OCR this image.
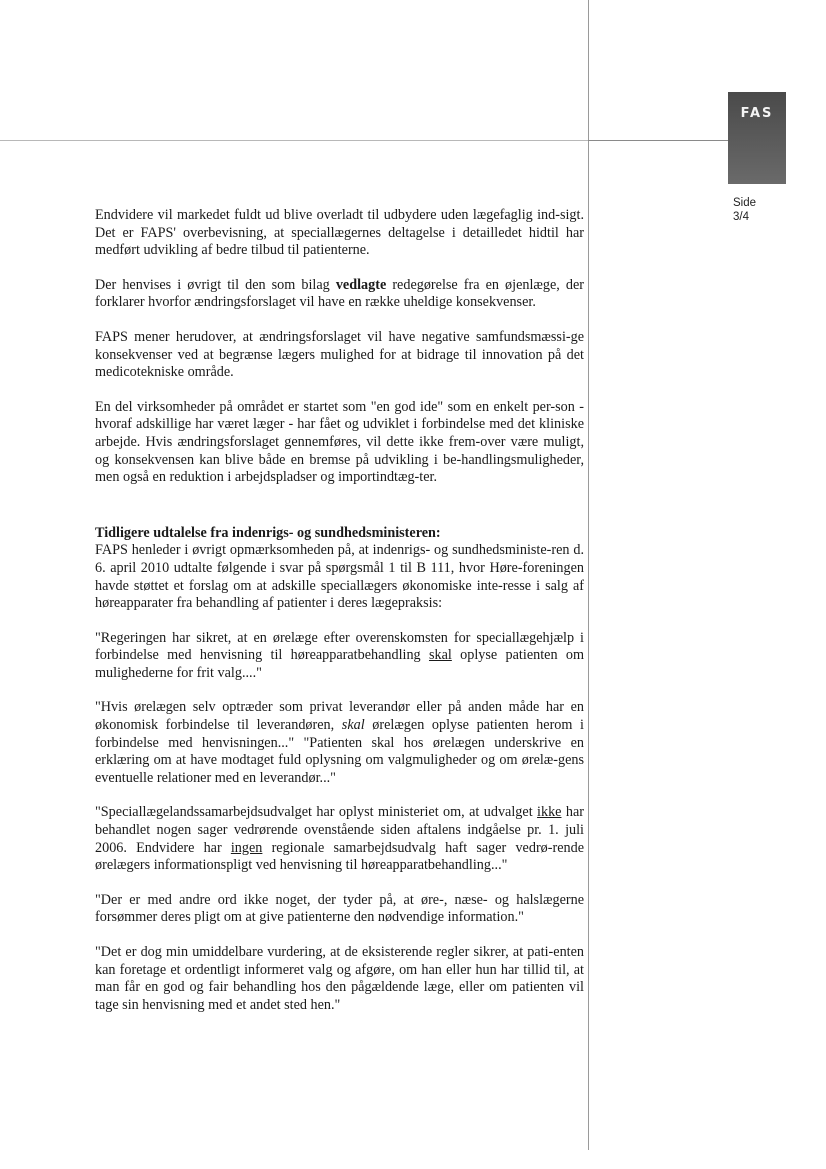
FAS
Side
3/4

Endvidere vil markedet fuldt ud blive overladt til udbydere uden lægefaglig ind-sigt. Det er FAPS' overbevisning, at speciallægernes deltagelse i detailledet hidtil har medført udvikling af bedre tilbud til patienterne.

Der henvises i øvrigt til den som bilag vedlagte redegørelse fra en øjenlæge, der forklarer hvorfor ændringsforslaget vil have en række uheldige konsekvenser.

FAPS mener herudover, at ændringsforslaget vil have negative samfundsmæssi-ge konsekvenser ved at begrænse lægers mulighed for at bidrage til innovation på det medicotekniske område.

En del virksomheder på området er startet som "en god ide" som en enkelt per-son - hvoraf adskillige har været læger - har fået og udviklet i forbindelse med det kliniske arbejde. Hvis ændringsforslaget gennemføres, vil dette ikke frem-over være muligt, og konsekvensen kan blive både en bremse på udvikling i be-handlingsmuligheder, men også en reduktion i arbejdspladser og importindtæg-ter.

Tidligere udtalelse fra indenrigs- og sundhedsministeren:

FAPS henleder i øvrigt opmærksomheden på, at indenrigs- og sundhedsministe-ren d. 6. april 2010 udtalte følgende i svar på spørgsmål 1 til B 111, hvor Høre-foreningen havde støttet et forslag om at adskille speciallægers økonomiske inte-resse i salg af høreapparater fra behandling af patienter i deres lægepraksis:

"Regeringen har sikret, at en ørelæge efter overenskomsten for speciallægehjælp i forbindelse med henvisning til høreapparatbehandling skal oplyse patienten om mulighederne for frit valg...."

"Hvis ørelægen selv optræder som privat leverandør eller på anden måde har en økonomisk forbindelse til leverandøren, skal ørelægen oplyse patienten herom i forbindelse med henvisningen..." "Patienten skal hos ørelægen underskrive en erklæring om at have modtaget fuld oplysning om valgmuligheder og om ørelæ-gens eventuelle relationer med en leverandør..."

"Speciallægelandssamarbejdsudvalget har oplyst ministeriet om, at udvalget ikke har behandlet nogen sager vedrørende ovenstående siden aftalens indgåelse pr. 1. juli 2006. Endvidere har ingen regionale samarbejdsudvalg haft sager vedrø-rende ørelægers informationspligt ved henvisning til høreapparatbehandling..."

"Der er med andre ord ikke noget, der tyder på, at øre-, næse- og halslægerne forsømmer deres pligt om at give patienterne den nødvendige information."

"Det er dog min umiddelbare vurdering, at de eksisterende regler sikrer, at pati-enten kan foretage et ordentligt informeret valg og afgøre, om han eller hun har tillid til, at man får en god og fair behandling hos den pågældende læge, eller om patienten vil tage sin henvisning med et andet sted hen."
